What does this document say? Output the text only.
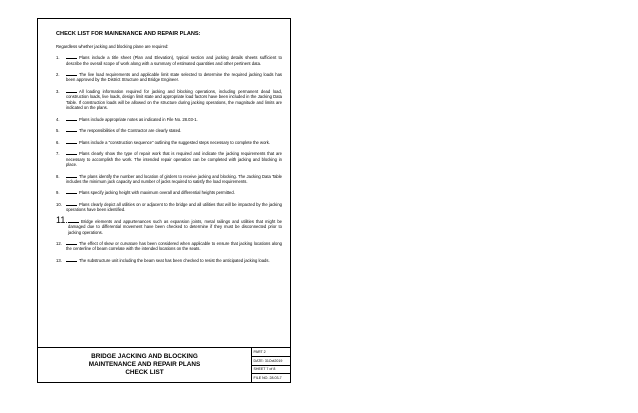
CHECK LIST FOR MAINENANCE AND REPAIR PLANS:
Regardless whether jacking and blocking plane are required:
1.	Plans include a title sheet (Plan and Elevation), typical section and jacking details sheets sufficient to describe the overall scope of work along with a summary of estimated quantities and other pertinent data.
2.	The live load requirements and applicable limit state selected to determine the required jacking loads has been approved by the District Structure and Bridge Engineer.
3.	All loading information required for jacking and blocking operations, including permanent dead load, construction loads, live loads, design limit state and appropriate load factors have been included in the Jacking Data Table. If construction loads will be allowed on the structure during jacking operations, the magnitude and limits are indicated on the plans.
4.	Plans include appropriate notes as indicated in File No. 28.03-1.
5.	The responsibilities of the Contractor are clearly stated.
6.	Plans include a "construction sequence" outlining the suggested steps necessary to complete the work.
7.	Plans clearly show the type of repair work that is required and indicate the jacking requirements that are necessary to accomplish the work. The intended repair operation can be completed with jacking and blocking in place.
8.	The plans identify the number and location of girders to receive jacking and blocking. The Jacking Data Table includes the minimum jack capacity and number of jacks required to satisfy the load requirements.
9.	Plans specify jacking height with maximum overall and differential heights permitted.
10.	Plans clearly depict all utilities on or adjacent to the bridge and all utilities that will be impacted by the jacking operations have been identified.
11.	Bridge elements and appurtenances such as expansion joints, metal railings and utilities that might be damaged due to differential movement have been checked to determine if they must be disconnected prior to jacking operations.
12.	The effect of skew or curvature has been considered when applicable to ensure that jacking locations along the centerline of beam correlate with the intended locations on the seats.
13.	The substructure unit including the beam seat has been checked to resist the anticipated jacking loads.
BRIDGE JACKING AND BLOCKING
MAINTENANCE AND REPAIR PLANS
CHECK LIST
PART 2
DATE: 31Oct2019
SHEET 7 of 8
FILE NO. 28.03-7
